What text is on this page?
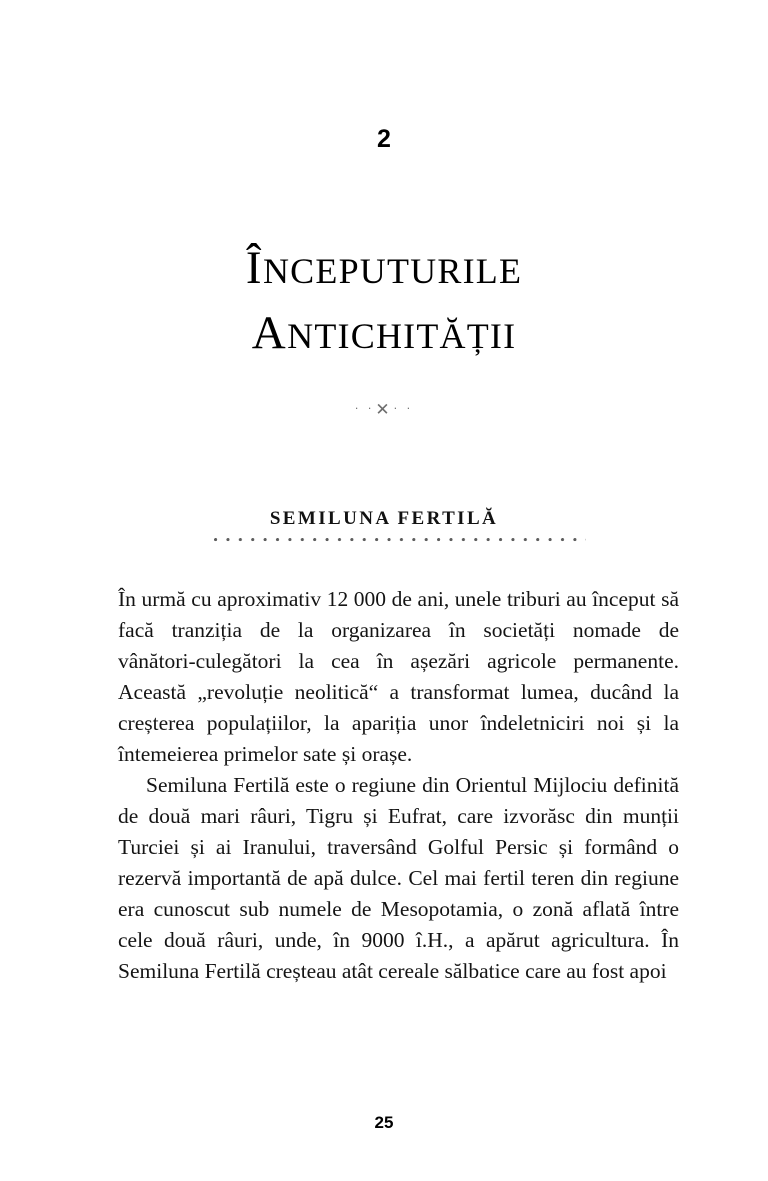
2
ÎNCEPUTURILE
ANTICHITĂȚII
· ·✕· ·
SEMILUNA FERTILĂ

În urmă cu aproximativ 12 000 de ani, unele triburi au început să facă tranziția de la organizarea în societăți nomade de vânători‑culegători la cea în așezări agricole permanente. Această „revoluție neolitică“ a transformat lumea, ducând la creșterea populațiilor, la apariția unor îndeletniciri noi și la întemeierea primelor sate și orașe.

Semiluna Fertilă este o regiune din Orientul Mijlociu definită de două mari râuri, Tigru și Eufrat, care izvorăsc din munții Turciei și ai Iranului, traversând Golful Persic și formând o rezervă importantă de apă dulce. Cel mai fertil teren din regiune era cunoscut sub numele de Mesopotamia, o zonă aflată între cele două râuri, unde, în 9000 î.H., a apărut agricultura. În Semiluna Fertilă creșteau atât cereale sălbatice care au fost apoi

25
